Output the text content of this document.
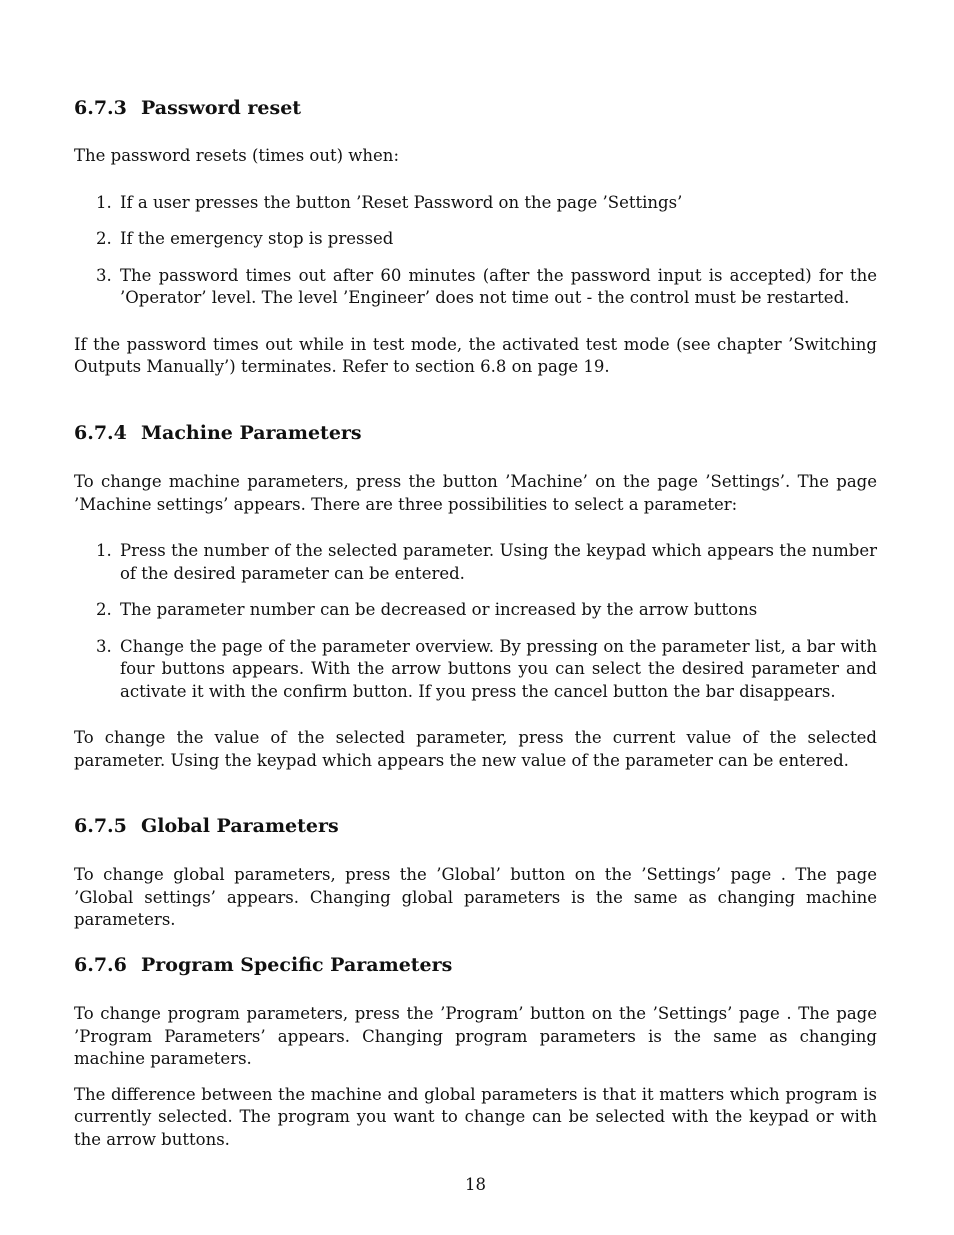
6.7.3 Password reset

The password resets (times out) when:

1. If a user presses the button ’Reset Password on the page ’Settings’
2. If the emergency stop is pressed
3. The password times out after 60 minutes (after the password input is accepted) for the ’Operator’ level. The level ’Engineer’ does not time out - the control must be restarted.

If the password times out while in test mode, the activated test mode (see chapter ’Switching Outputs Manually’) terminates. Refer to section 6.8 on page 19.

6.7.4 Machine Parameters

To change machine parameters, press the button ’Machine’ on the page ’Settings’. The page ’Machine settings’ appears. There are three possibilities to select a parameter:

1. Press the number of the selected parameter. Using the keypad which appears the number of the desired parameter can be entered.
2. The parameter number can be decreased or increased by the arrow buttons
3. Change the page of the parameter overview. By pressing on the parameter list, a bar with four buttons appears. With the arrow buttons you can select the desired parameter and activate it with the confirm button. If you press the cancel button the bar disappears.

To change the value of the selected parameter, press the current value of the selected parameter. Using the keypad which appears the new value of the parameter can be entered.

6.7.5 Global Parameters

To change global parameters, press the ’Global’ button on the ’Settings’ page . The page ’Global settings’ appears. Changing global parameters is the same as changing machine parameters.

6.7.6 Program Specific Parameters

To change program parameters, press the ’Program’ button on the ’Settings’ page . The page ’Program Parameters’ appears. Changing program parameters is the same as changing machine parameters.

The difference between the machine and global parameters is that it matters which program is currently selected. The program you want to change can be selected with the keypad or with the arrow buttons.

18
